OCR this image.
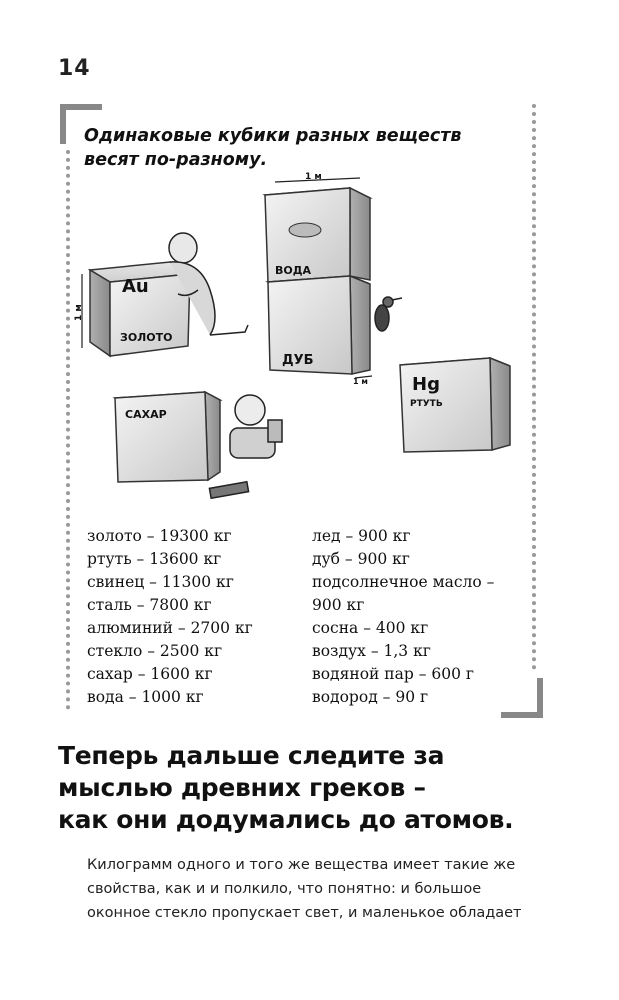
14
Одинаковые кубики разных веществ
весят по-разному.
Au
ЗОЛОТО
1 м
ВОДА
1 м
ДУБ
1 м Hg
РТУТЬ
САХАР
золото – 19300 кг
ртуть – 13600 кг
свинец – 11300 кг
сталь – 7800 кг
алюминий – 2700 кг
стекло – 2500 кг
сахар – 1600 кг
вода – 1000 кг
лед – 900 кг
дуб – 900 кг
подсолнечное масло –
900 кг
сосна – 400 кг
воздух – 1,3 кг
водяной пар – 600 г
водород – 90 г
Теперь дальше следите за
мыслью древних греков –
как они додумались до атомов.
Килограмм одного и того же вещества имеет такие же
свойства, как и и полкило, что понятно: и большое
оконное стекло пропускает свет, и маленькое обладает
